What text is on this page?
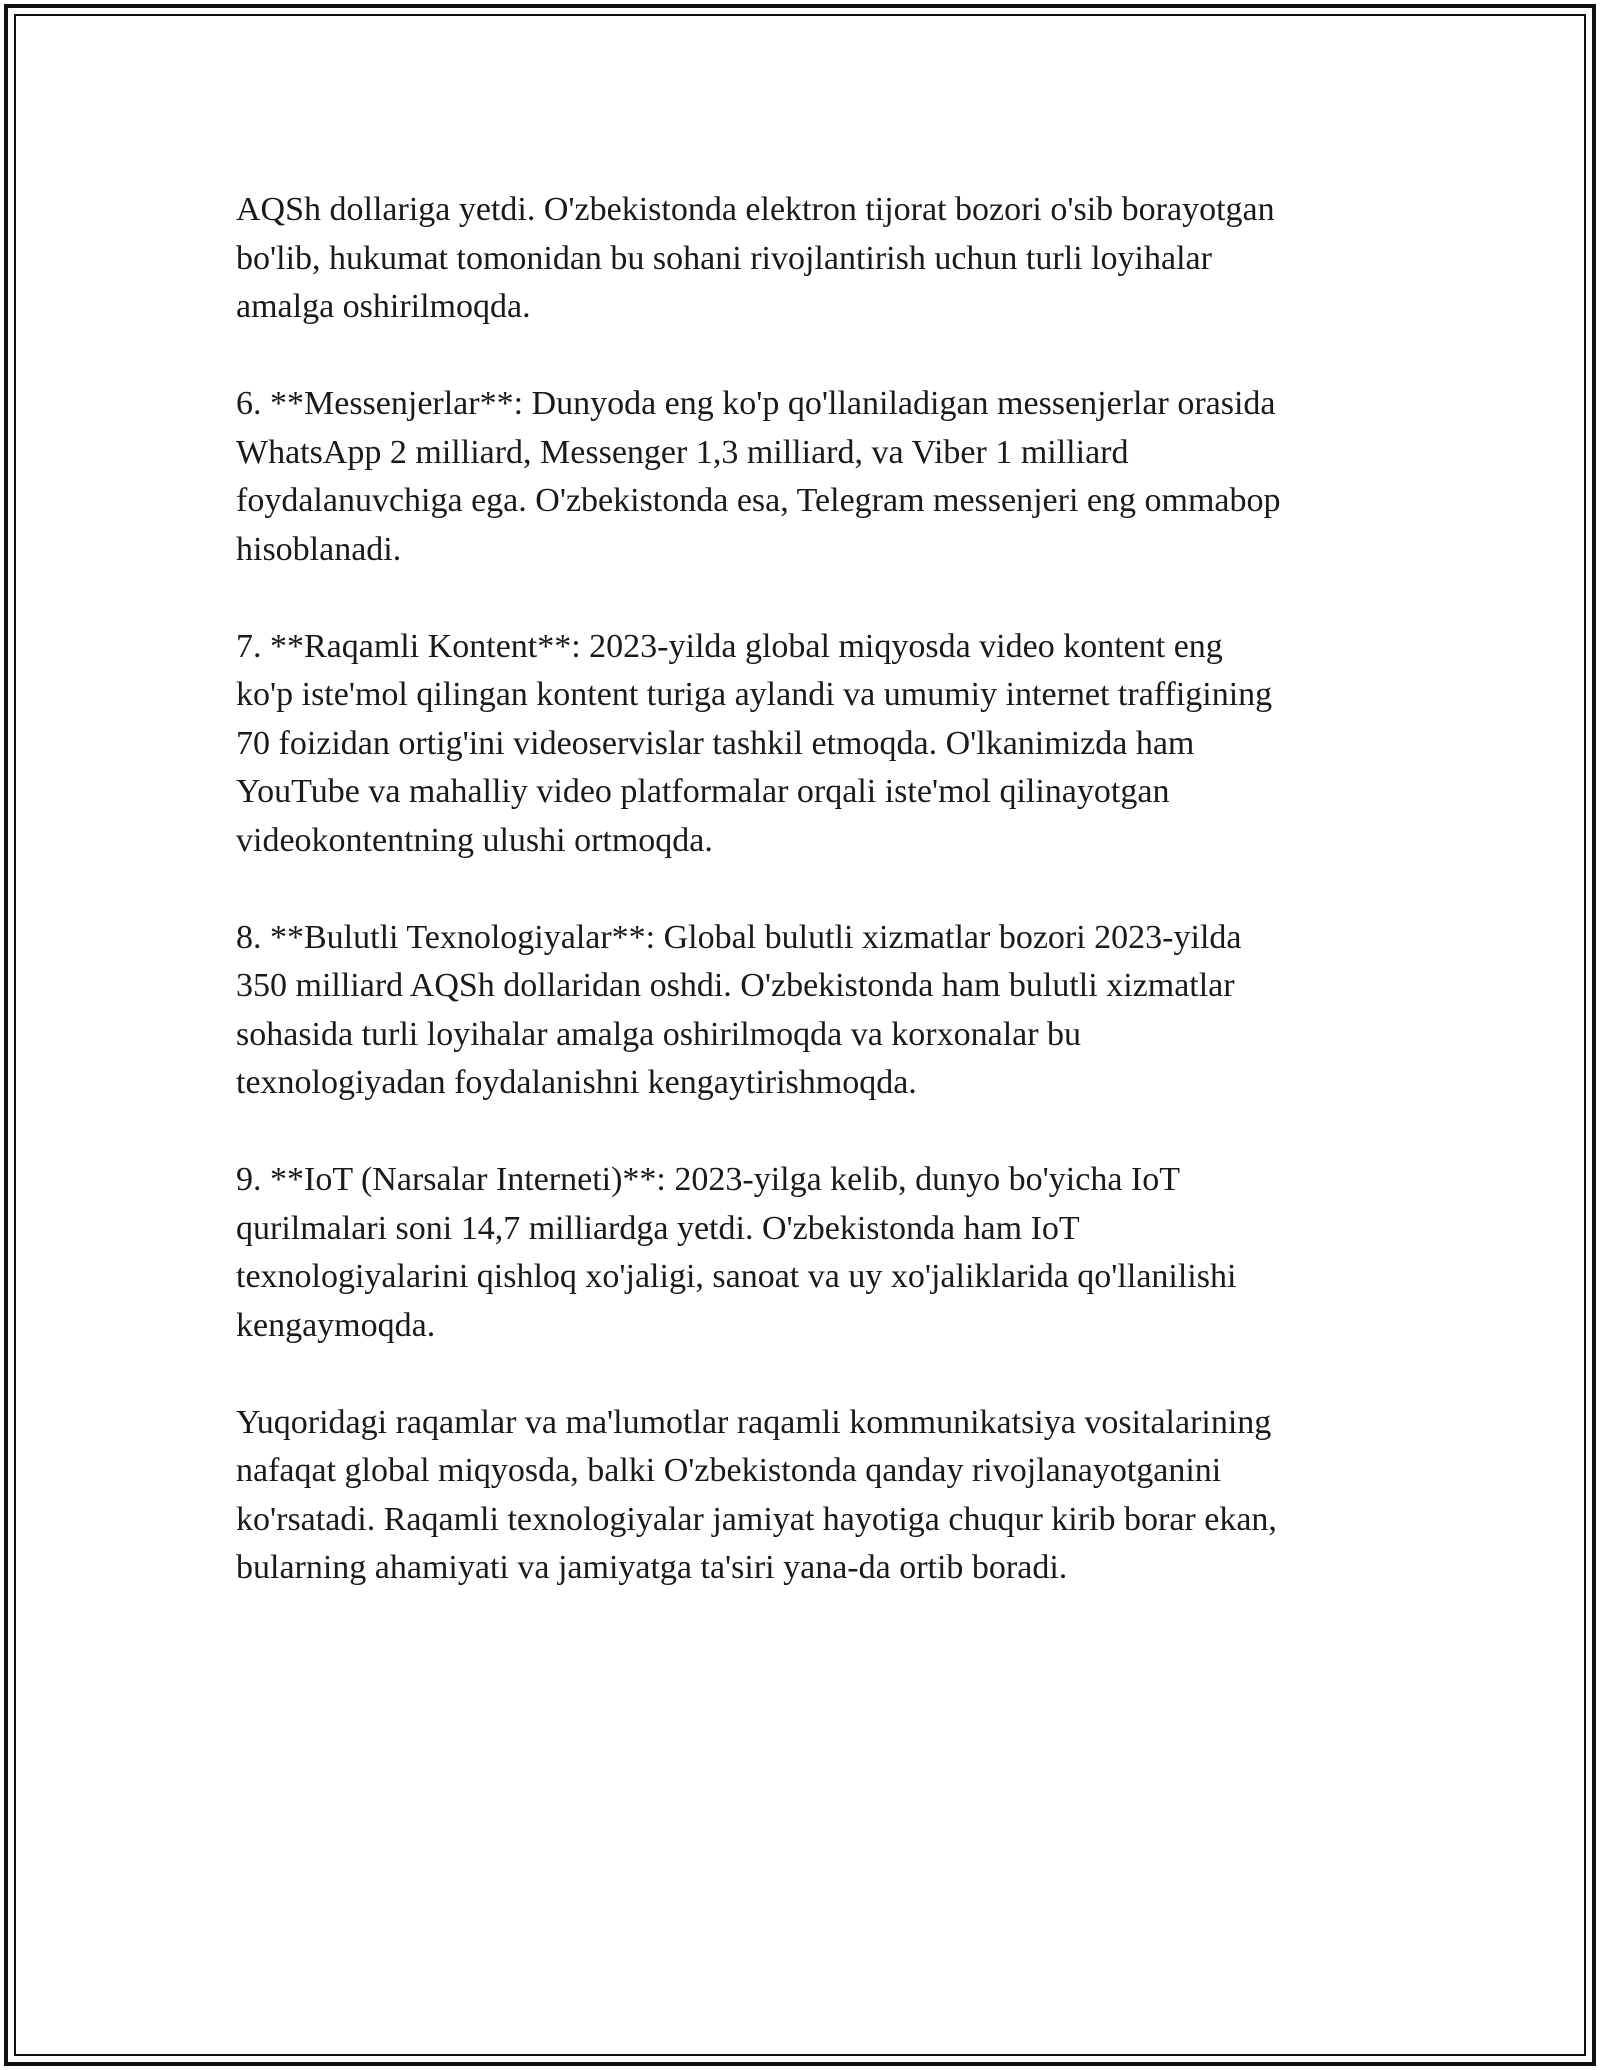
AQSh dollariga yetdi. O'zbekistonda elektron tijorat bozori o'sib borayotgan
bo'lib, hukumat tomonidan bu sohani rivojlantirish uchun turli loyihalar
amalga oshirilmoqda.

6. **Messenjerlar**: Dunyoda eng ko'p qo'llaniladigan messenjerlar orasida
WhatsApp 2 milliard, Messenger 1,3 milliard, va Viber 1 milliard
foydalanuvchiga ega. O'zbekistonda esa, Telegram messenjeri eng ommabop
hisoblanadi.

7. **Raqamli Kontent**: 2023-yilda global miqyosda video kontent eng
ko'p iste'mol qilingan kontent turiga aylandi va umumiy internet traffigining
70 foizidan ortig'ini videoservislar tashkil etmoqda. O'lkanimizda ham
YouTube va mahalliy video platformalar orqali iste'mol qilinayotgan
videokontentning ulushi ortmoqda.

8. **Bulutli Texnologiyalar**: Global bulutli xizmatlar bozori 2023-yilda
350 milliard AQSh dollaridan oshdi. O'zbekistonda ham bulutli xizmatlar
sohasida turli loyihalar amalga oshirilmoqda va korxonalar bu
texnologiyadan foydalanishni kengaytirishmoqda.

9. **IoT (Narsalar Interneti)**: 2023-yilga kelib, dunyo bo'yicha IoT
qurilmalari soni 14,7 milliardga yetdi. O'zbekistonda ham IoT
texnologiyalarini qishloq xo'jaligi, sanoat va uy xo'jaliklarida qo'llanilishi
kengaymoqda.

Yuqoridagi raqamlar va ma'lumotlar raqamli kommunikatsiya vositalarining
nafaqat global miqyosda, balki O'zbekistonda qanday rivojlanayotganini
ko'rsatadi. Raqamli texnologiyalar jamiyat hayotiga chuqur kirib borar ekan,
bularning ahamiyati va jamiyatga ta'siri yana-da ortib boradi.
